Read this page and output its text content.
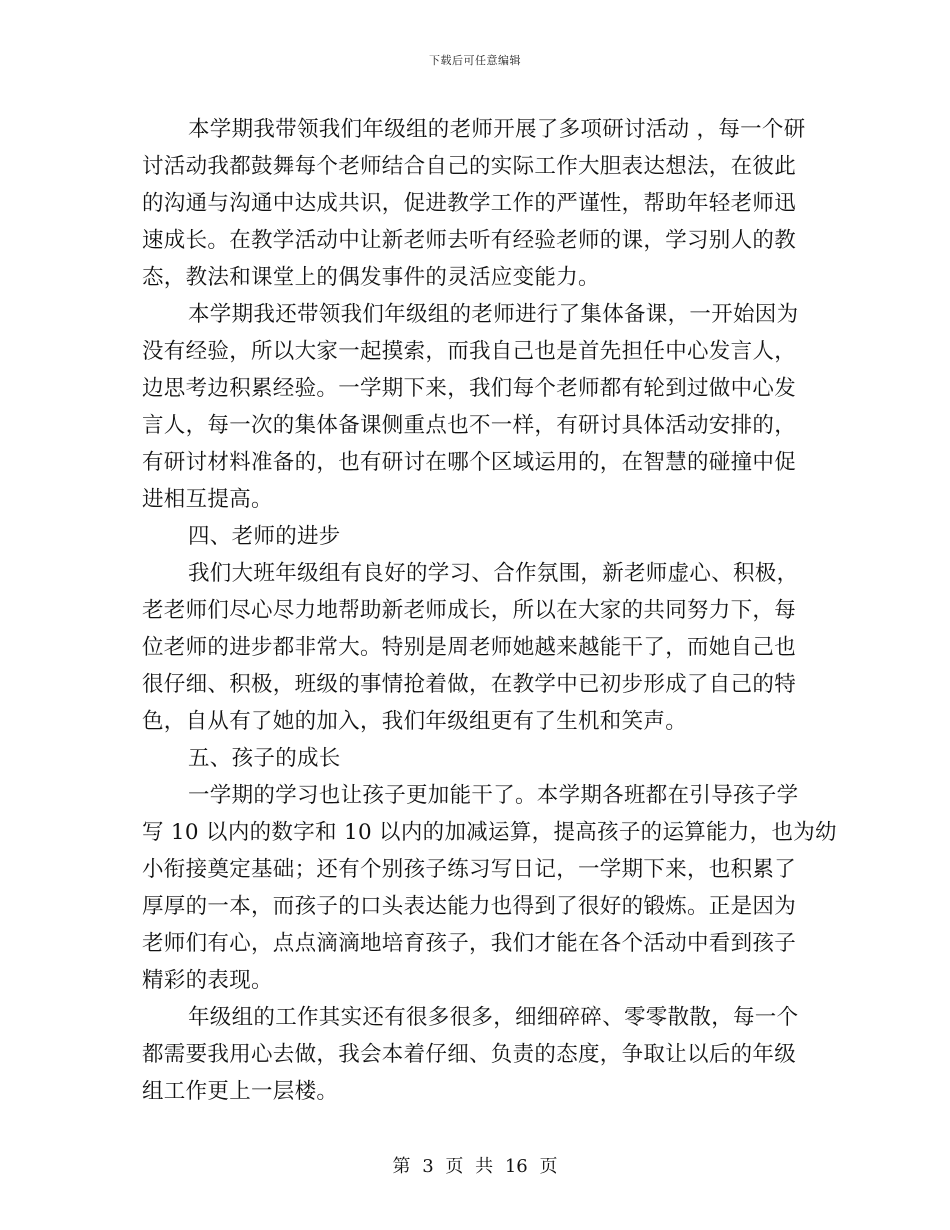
下载后可任意编辑
本学期我带领我们年级组的老师开展了多项研讨活动 ，每一个研
讨活动我都鼓舞每个老师结合自己的实际工作大胆表达想法，在彼此
的沟通与沟通中达成共识，促进教学工作的严谨性，帮助年轻老师迅
速成长。在教学活动中让新老师去听有经验老师的课，学习别人的教
态，教法和课堂上的偶发事件的灵活应变能力。
本学期我还带领我们年级组的老师进行了集体备课，一开始因为
没有经验，所以大家一起摸索，而我自己也是首先担任中心发言人，
边思考边积累经验。一学期下来，我们每个老师都有轮到过做中心发
言人，每一次的集体备课侧重点也不一样，有研讨具体活动安排的，
有研讨材料准备的，也有研讨在哪个区域运用的，在智慧的碰撞中促
进相互提高。
四、老师的进步
我们大班年级组有良好的学习、合作氛围，新老师虚心、积极，
老老师们尽心尽力地帮助新老师成长，所以在大家的共同努力下，每
位老师的进步都非常大。特别是周老师她越来越能干了，而她自己也
很仔细、积极，班级的事情抢着做，在教学中已初步形成了自己的特
色，自从有了她的加入，我们年级组更有了生机和笑声。
五、孩子的成长
一学期的学习也让孩子更加能干了。本学期各班都在引导孩子学
写 10 以内的数字和 10 以内的加减运算，提高孩子的运算能力，也为幼
小衔接奠定基础；还有个别孩子练习写日记，一学期下来，也积累了
厚厚的一本，而孩子的口头表达能力也得到了很好的锻炼。正是因为
老师们有心，点点滴滴地培育孩子，我们才能在各个活动中看到孩子
精彩的表现。
年级组的工作其实还有很多很多，细细碎碎、零零散散，每一个
都需要我用心去做，我会本着仔细、负责的态度，争取让以后的年级
组工作更上一层楼。
第 3 页 共 16 页
